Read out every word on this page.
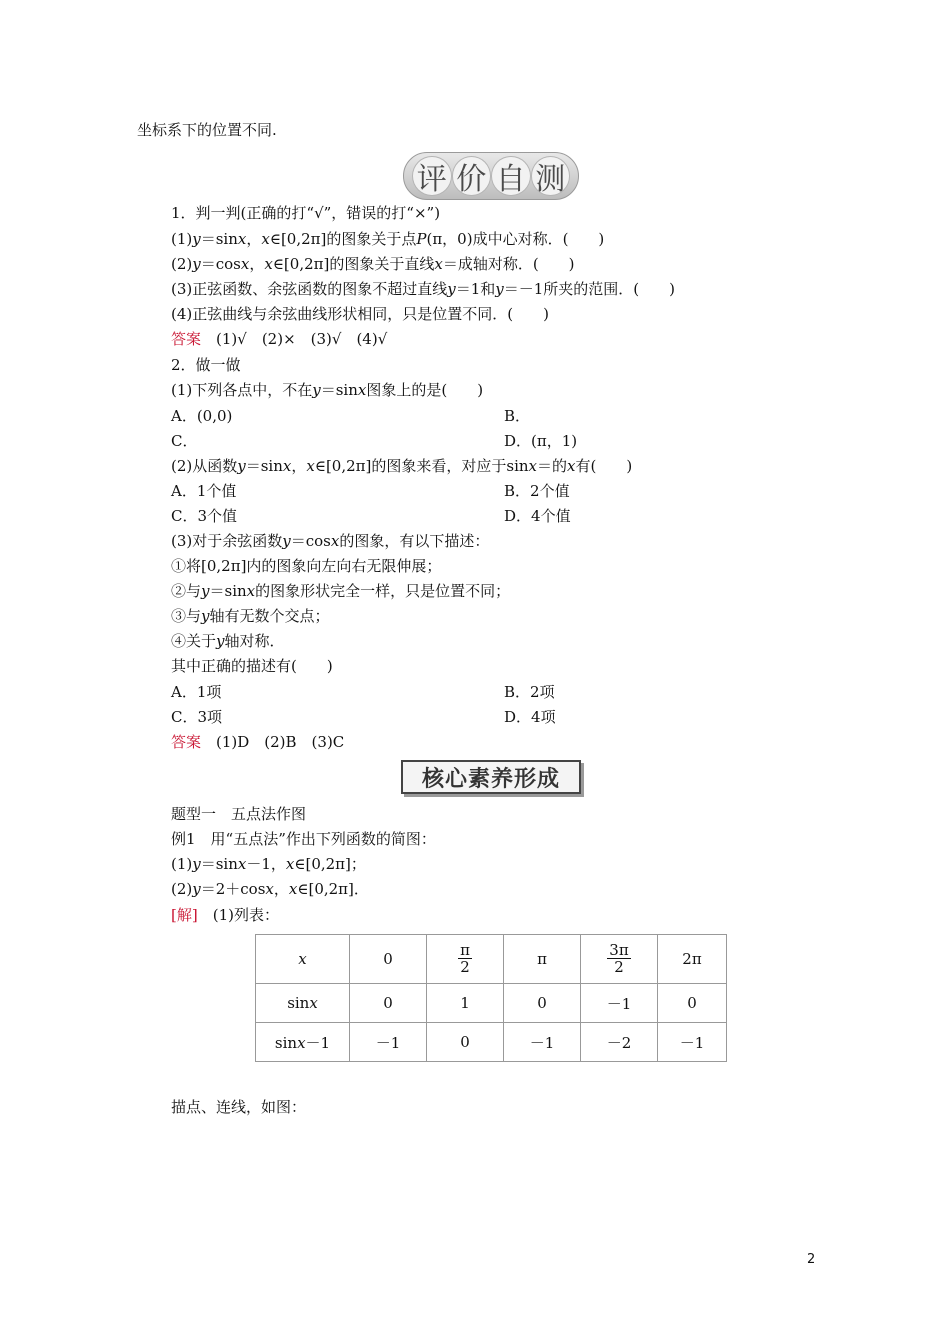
坐标系下的位置不同.
评 价 自 测
1．判一判(正确的打“√”，错误的打“×”)
(1)y＝sinx，x∈[0,2π]的图象关于点P(π，0)成中心对称．(　　)
(2)y＝cosx，x∈[0,2π]的图象关于直线x＝成轴对称．(　　)
(3)正弦函数、余弦函数的图象不超过直线y＝1和y＝－1所夹的范围．(　　)
(4)正弦曲线与余弦曲线形状相同，只是位置不同．(　　)
答案　(1)√　(2)×　(3)√　(4)√
2．做一做
(1)下列各点中，不在y＝sinx图象上的是(　　)
A．(0,0)	B．
C．	D．(π，1)
(2)从函数y＝sinx，x∈[0,2π]的图象来看，对应于sinx＝的x有(　　)
A．1个值	B．2个值
C．3个值	D．4个值
(3)对于余弦函数y＝cosx的图象，有以下描述：
①将[0,2π]内的图象向左向右无限伸展；
②与y＝sinx的图象形状完全一样，只是位置不同；
③与y轴有无数个交点；
④关于y轴对称．
其中正确的描述有(　　)
A．1项	B．2项
C．3项	D．4项
答案　(1)D　(2)B　(3)C
核心素养形成
题型一　五点法作图
例1　用“五点法”作出下列函数的简图：
(1)y＝sinx－1，x∈[0,2π]；
(2)y＝2＋cosx，x∈[0,2π]．
[解]　(1)列表：
x	0	$\frac{\pi}{2}$	π	$\frac{3\pi}{2}$	2π
sinx	0	1	0	－1	0
sinx－1	－1	0	－1	－2	－1
描点、连线，如图：
2
